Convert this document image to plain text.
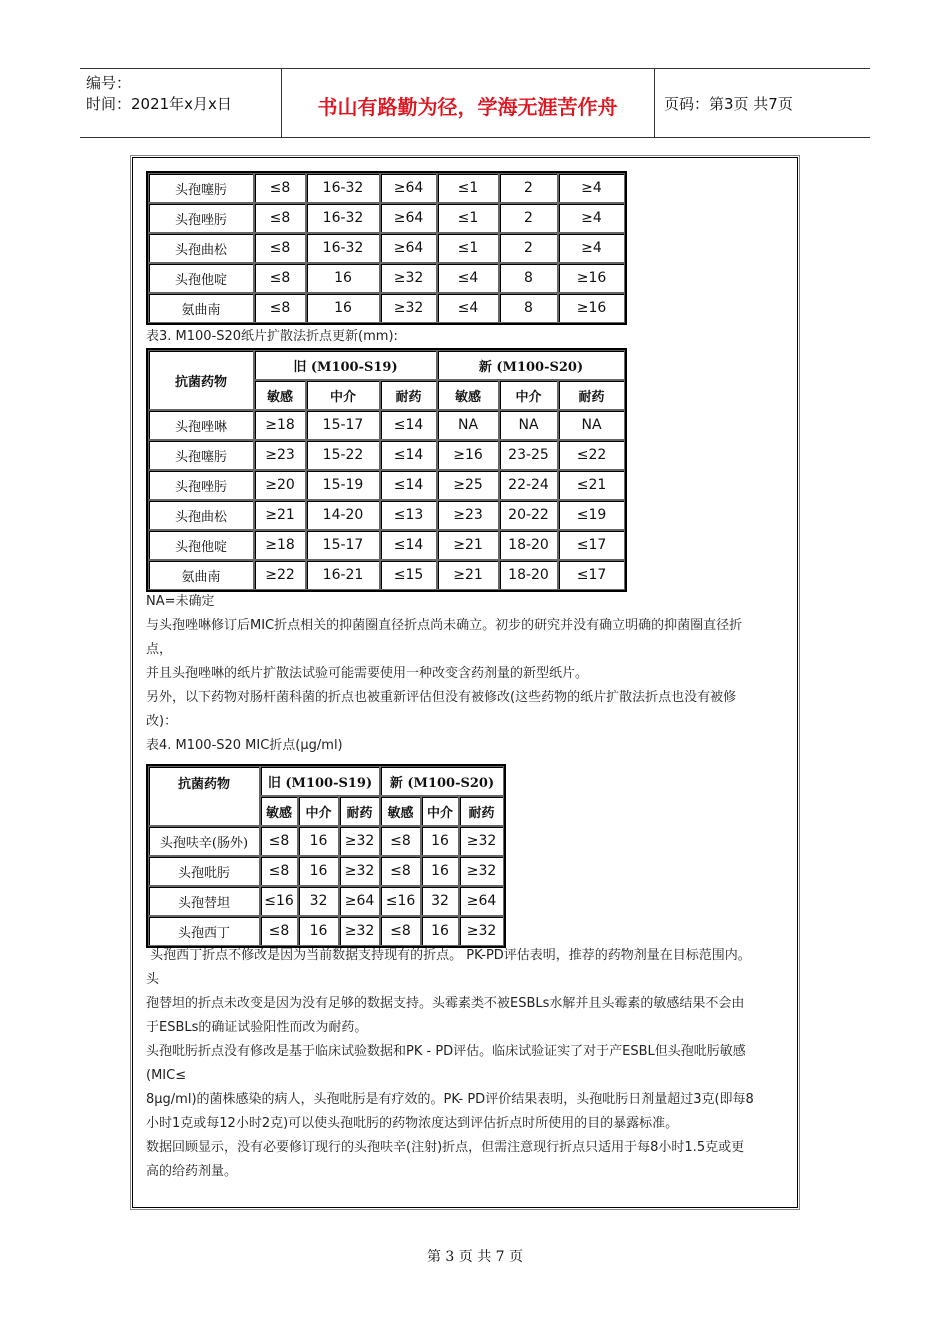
编号：
时间：2021年x月x日	书山有路勤为径，学海无涯苦作舟	页码：第3页 共7页
头孢噻肟	≤8	16-32	≥64	≤1	2	≥4
头孢唑肟	≤8	16-32	≥64	≤1	2	≥4
头孢曲松	≤8	16-32	≥64	≤1	2	≥4
头孢他啶	≤8	16	≥32	≤4	8	≥16
氨曲南	≤8	16	≥32	≤4	8	≥16
表3. M100-S20纸片扩散法折点更新(mm):
抗菌药物	旧 (M100-S19)			新 (M100-S20)		
	敏感	中介	耐药	敏感	中介	耐药
头孢唑啉	≥18	15-17	≤14	NA	NA	NA
头孢噻肟	≥23	15-22	≤14	≥16	23-25	≤22
头孢唑肟	≥20	15-19	≤14	≥25	22-24	≤21
头孢曲松	≥21	14-20	≤13	≥23	20-22	≤19
头孢他啶	≥18	15-17	≤14	≥21	18-20	≤17
氨曲南	≥22	16-21	≤15	≥21	18-20	≤17
NA=未确定
与头孢唑啉修订后MIC折点相关的抑菌圈直径折点尚未确立。初步的研究并没有确立明确的抑菌圈直径折
点，
并且头孢唑啉的纸片扩散法试验可能需要使用一种改变含药剂量的新型纸片。
另外，以下药物对肠杆菌科菌的折点也被重新评估但没有被修改(这些药物的纸片扩散法折点也没有被修
改)：
表4. M100-S20 MIC折点(μg/ml)
抗菌药物	旧 (M100-S19)			新 (M100-S20)		
	敏感	中介	耐药	敏感	中介	耐药
头孢呋辛(肠外)	≤8	16	≥32	≤8	16	≥32
头孢吡肟	≤8	16	≥32	≤8	16	≥32
头孢替坦	≤16	32	≥64	≤16	32	≥64
头孢西丁	≤8	16	≥32	≤8	16	≥32
头孢西丁折点不修改是因为当前数据支持现有的折点。 PK-PD评估表明，推荐的药物剂量在目标范围内。
头
孢替坦的折点未改变是因为没有足够的数据支持。头霉素类不被ESBLs水解并且头霉素的敏感结果不会由
于ESBLs的确证试验阳性而改为耐药。
头孢吡肟折点没有修改是基于临床试验数据和PK - PD评估。临床试验证实了对于产ESBL但头孢吡肟敏感
(MIC≤
8μg/ml)的菌株感染的病人，头孢吡肟是有疗效的。PK- PD评价结果表明，头孢吡肟日剂量超过3克(即每8
小时1克或每12小时2克)可以使头孢吡肟的药物浓度达到评估折点时所使用的目的暴露标准。
数据回顾显示，没有必要修订现行的头孢呋辛(注射)折点，但需注意现行折点只适用于每8小时1.5克或更
高的给药剂量。
第 3 页 共 7 页
